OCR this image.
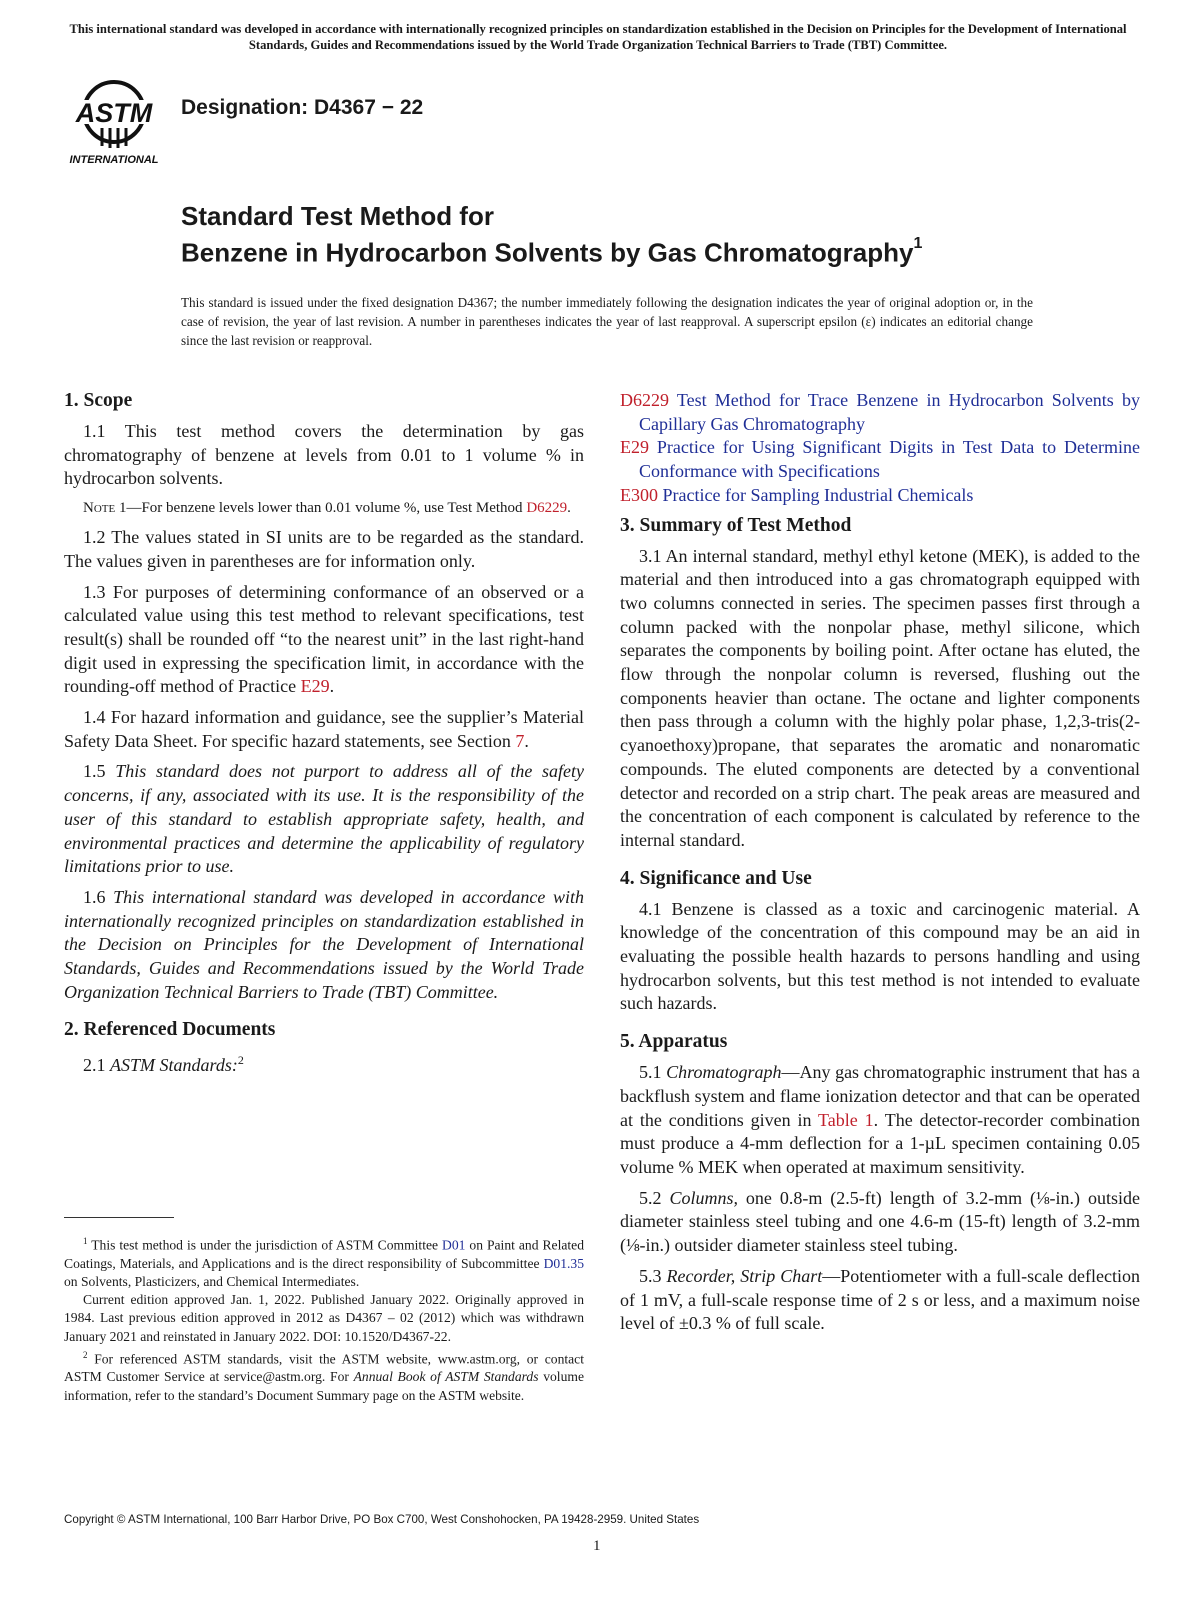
This international standard was developed in accordance with internationally recognized principles on standardization established in the Decision on Principles for the Development of International Standards, Guides and Recommendations issued by the World Trade Organization Technical Barriers to Trade (TBT) Committee.
ASTM
INTERNATIONAL
Designation: D4367 − 22
Standard Test Method for
Benzene in Hydrocarbon Solvents by Gas Chromatography$^1$
This standard is issued under the fixed designation D4367; the number immediately following the designation indicates the year of original adoption or, in the case of revision, the year of last revision. A number in parentheses indicates the year of last reapproval. A superscript epsilon (ε) indicates an editorial change since the last revision or reapproval.
1. Scope

1.1 This test method covers the determination by gas chromatography of benzene at levels from 0.01 to 1 volume % in hydrocarbon solvents.

Note 1—For benzene levels lower than 0.01 volume %, use Test Method D6229.

1.2 The values stated in SI units are to be regarded as the standard. The values given in parentheses are for information only.

1.3 For purposes of determining conformance of an observed or a calculated value using this test method to relevant specifications, test result(s) shall be rounded off “to the nearest unit” in the last right-hand digit used in expressing the specification limit, in accordance with the rounding-off method of Practice E29.

1.4 For hazard information and guidance, see the supplier’s Material Safety Data Sheet. For specific hazard statements, see Section 7.

1.5 This standard does not purport to address all of the safety concerns, if any, associated with its use. It is the responsibility of the user of this standard to establish appropriate safety, health, and environmental practices and determine the applicability of regulatory limitations prior to use.

1.6 This international standard was developed in accordance with internationally recognized principles on standardization established in the Decision on Principles for the Development of International Standards, Guides and Recommendations issued by the World Trade Organization Technical Barriers to Trade (TBT) Committee.

2. Referenced Documents

2.1 ASTM Standards:$^2$

$^1$ This test method is under the jurisdiction of ASTM Committee D01 on Paint and Related Coatings, Materials, and Applications and is the direct responsibility of Subcommittee D01.35 on Solvents, Plasticizers, and Chemical Intermediates.

Current edition approved Jan. 1, 2022. Published January 2022. Originally approved in 1984. Last previous edition approved in 2012 as D4367 – 02 (2012) which was withdrawn January 2021 and reinstated in January 2022. DOI: 10.1520/D4367-22.

$^2$ For referenced ASTM standards, visit the ASTM website, www.astm.org, or contact ASTM Customer Service at service@astm.org. For Annual Book of ASTM Standards volume information, refer to the standard’s Document Summary page on the ASTM website.

D6229 Test Method for Trace Benzene in Hydrocarbon Solvents by Capillary Gas Chromatography

E29 Practice for Using Significant Digits in Test Data to Determine Conformance with Specifications

E300 Practice for Sampling Industrial Chemicals

3. Summary of Test Method

3.1 An internal standard, methyl ethyl ketone (MEK), is added to the material and then introduced into a gas chromatograph equipped with two columns connected in series. The specimen passes first through a column packed with the nonpolar phase, methyl silicone, which separates the components by boiling point. After octane has eluted, the flow through the nonpolar column is reversed, flushing out the components heavier than octane. The octane and lighter components then pass through a column with the highly polar phase, 1,2,3-tris(2-cyanoethoxy)propane, that separates the aromatic and nonaromatic compounds. The eluted components are detected by a conventional detector and recorded on a strip chart. The peak areas are measured and the concentration of each component is calculated by reference to the internal standard.

4. Significance and Use

4.1 Benzene is classed as a toxic and carcinogenic material. A knowledge of the concentration of this compound may be an aid in evaluating the possible health hazards to persons handling and using hydrocarbon solvents, but this test method is not intended to evaluate such hazards.

5. Apparatus

5.1 Chromatograph—Any gas chromatographic instrument that has a backflush system and flame ionization detector and that can be operated at the conditions given in Table 1. The detector-recorder combination must produce a 4-mm deflection for a 1-µL specimen containing 0.05 volume % MEK when operated at maximum sensitivity.

5.2 Columns, one 0.8-m (2.5-ft) length of 3.2-mm (⅛-in.) outside diameter stainless steel tubing and one 4.6-m (15-ft) length of 3.2-mm (⅛-in.) outsider diameter stainless steel tubing.

5.3 Recorder, Strip Chart—Potentiometer with a full-scale deflection of 1 mV, a full-scale response time of 2 s or less, and a maximum noise level of ±0.3 % of full scale.

Copyright © ASTM International, 100 Barr Harbor Drive, PO Box C700, West Conshohocken, PA 19428-2959. United States
1
